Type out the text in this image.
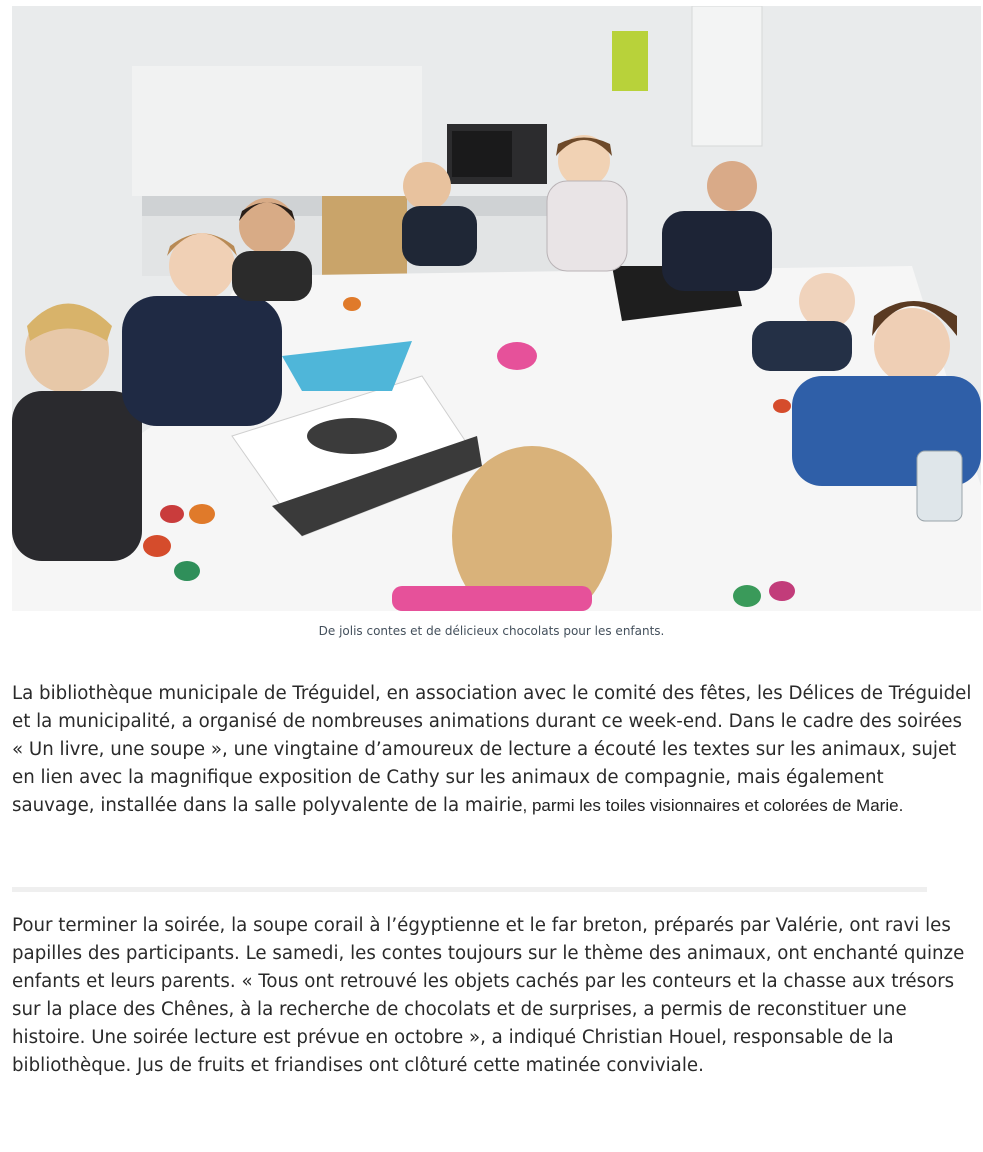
De jolis contes et de délicieux chocolats pour les enfants.

La bibliothèque municipale de Tréguidel, en association avec le comité des fêtes, les Délices de Tréguidel et la municipalité, a organisé de nombreuses animations durant ce week-end. Dans le cadre des soirées « Un livre, une soupe », une vingtaine d’amoureux de lecture a écouté les textes sur les animaux, sujet en lien avec la magnifique exposition de Cathy sur les animaux de compagnie, mais également sauvage, installée dans la salle polyvalente de la mairie, parmi les toiles visionnaires et colorées de Marie.

Pour terminer la soirée, la soupe corail à l’égyptienne et le far breton, préparés par Valérie, ont ravi les papilles des participants. Le samedi, les contes toujours sur le thème des animaux, ont enchanté quinze enfants et leurs parents. « Tous ont retrouvé les objets cachés par les conteurs et la chasse aux trésors sur la place des Chênes, à la recherche de chocolats et de surprises, a permis de reconstituer une histoire. Une soirée lecture est prévue en octobre », a indiqué Christian Houel, responsable de la bibliothèque. Jus de fruits et friandises ont clôturé cette matinée conviviale.
